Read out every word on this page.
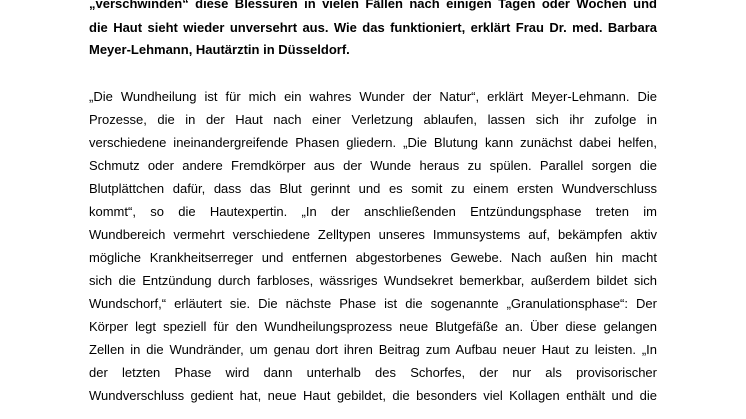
„verschwinden“ diese Blessuren in vielen Fällen nach einigen Tagen oder Wochen und
die Haut sieht wieder unversehrt aus. Wie das funktioniert, erklärt Frau Dr. med. Barbara
Meyer-Lehmann, Hautärztin in Düsseldorf.
„Die Wundheilung ist für mich ein wahres Wunder der Natur“, erklärt Meyer-Lehmann. Die
Prozesse, die in der Haut nach einer Verletzung ablaufen, lassen sich ihr zufolge in
verschiedene ineinandergreifende Phasen gliedern. „Die Blutung kann zunächst dabei helfen,
Schmutz oder andere Fremdkörper aus der Wunde heraus zu spülen. Parallel sorgen die
Blutplättchen dafür, dass das Blut gerinnt und es somit zu einem ersten Wundverschluss
kommt“, so die Hautexpertin. „In der anschließenden Entzündungsphase treten im
Wundbereich vermehrt verschiedene Zelltypen unseres Immunsystems auf, bekämpfen aktiv
mögliche Krankheitserreger und entfernen abgestorbenes Gewebe. Nach außen hin macht
sich die Entzündung durch farbloses, wässriges Wundsekret bemerkbar, außerdem bildet sich
Wundschorf,“ erläutert sie. Die nächste Phase ist die sogenannte „Granulationsphase“: Der
Körper legt speziell für den Wundheilungsprozess neue Blutgefäße an. Über diese gelangen
Zellen in die Wundränder, um genau dort ihren Beitrag zum Aufbau neuer Haut zu leisten. „In
der letzten Phase wird dann unterhalb des Schorfes, der nur als provisorischer
Wundverschluss gedient hat, neue Haut gebildet, die besonders viel Kollagen enthält und die
